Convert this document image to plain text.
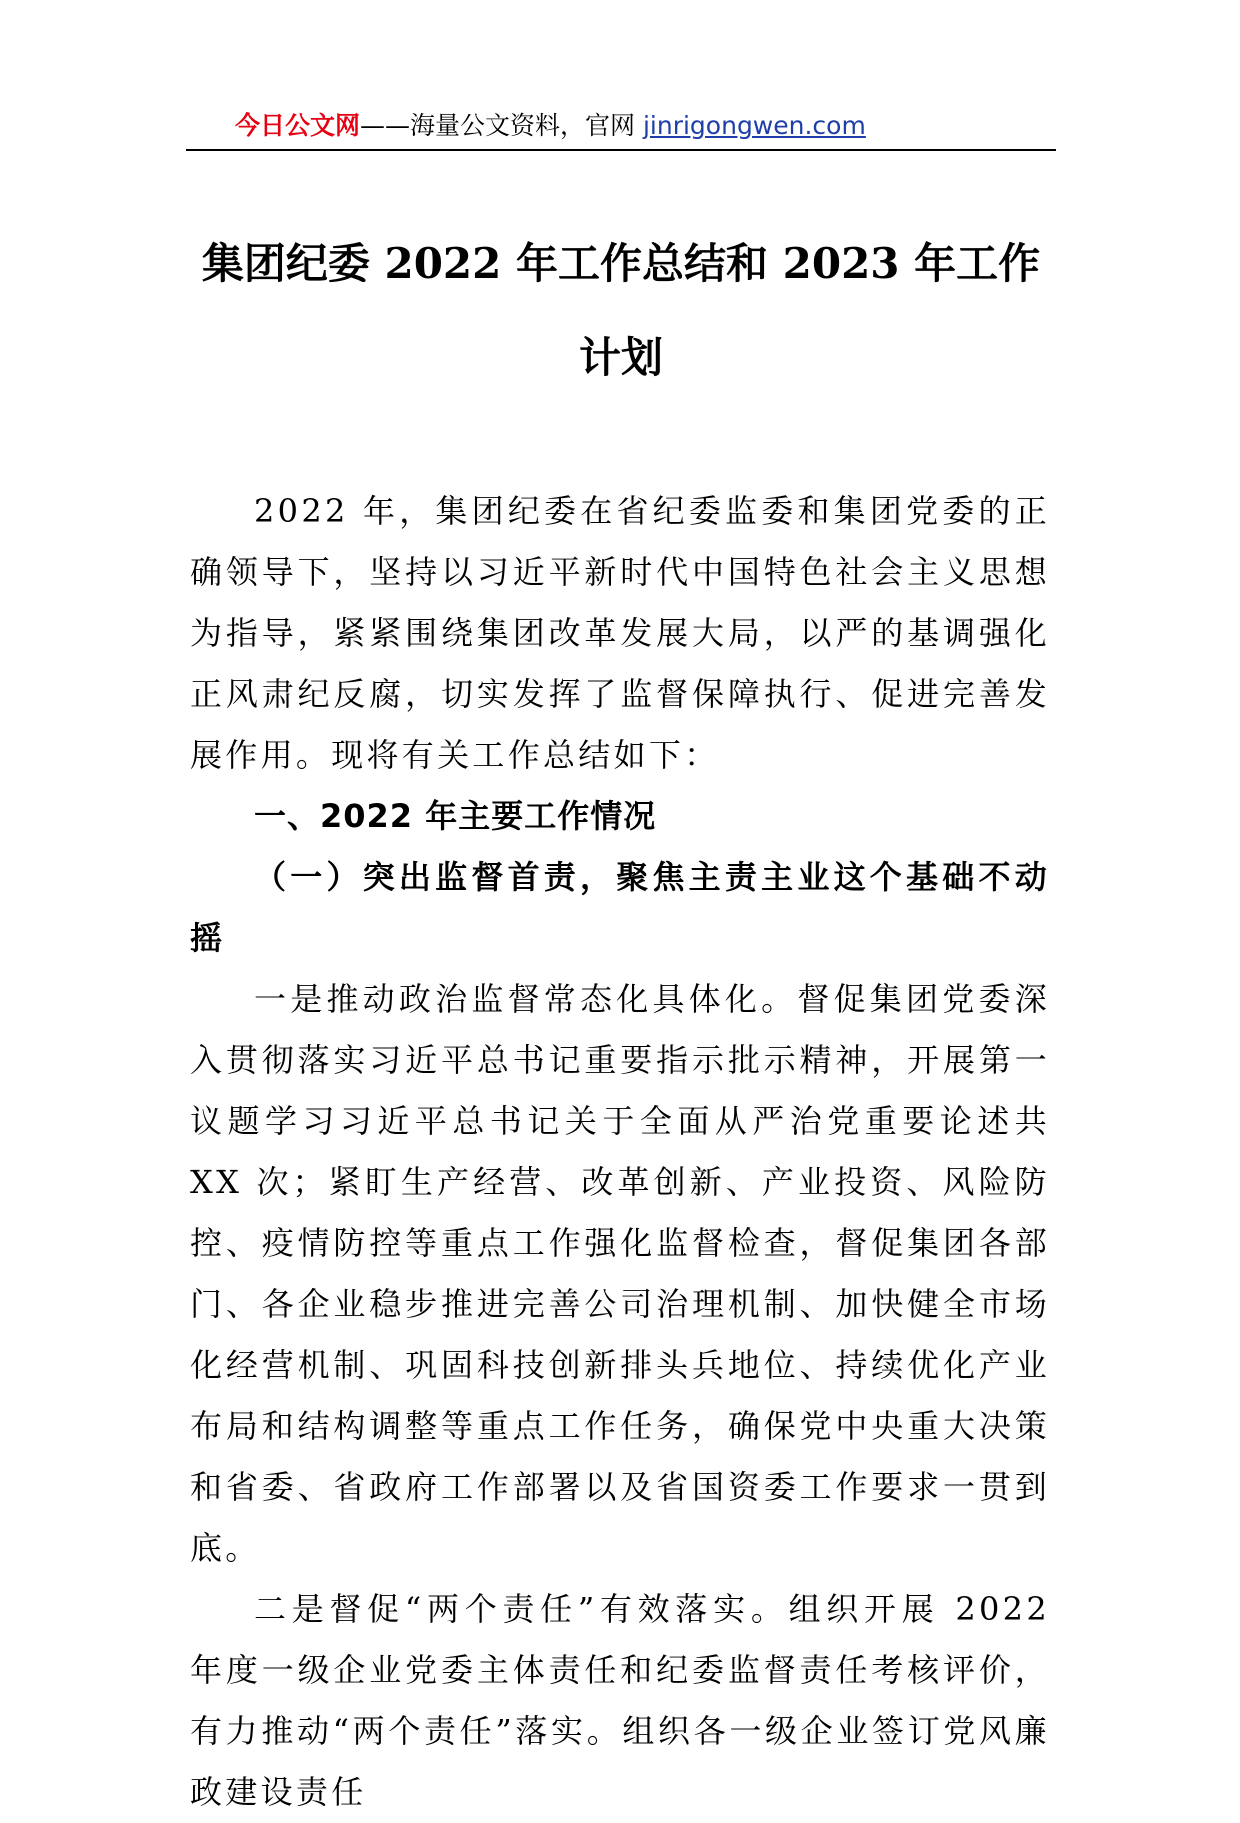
今日公文网——海量公文资料，官网 jinrigongwen.com
集团纪委 2022 年工作总结和 2023 年工作
计划

2022 年，集团纪委在省纪委监委和集团党委的正确领导下，坚持以习近平新时代中国特色社会主义思想为指导，紧紧围绕集团改革发展大局，以严的基调强化正风肃纪反腐，切实发挥了监督保障执行、促进完善发展作用。现将有关工作总结如下：

一、2022 年主要工作情况

（一）突出监督首责，聚焦主责主业这个基础不动摇

一是推动政治监督常态化具体化。督促集团党委深入贯彻落实习近平总书记重要指示批示精神，开展第一议题学习习近平总书记关于全面从严治党重要论述共 XX 次；紧盯生产经营、改革创新、产业投资、风险防控、疫情防控等重点工作强化监督检查，督促集团各部门、各企业稳步推进完善公司治理机制、加快健全市场化经营机制、巩固科技创新排头兵地位、持续优化产业布局和结构调整等重点工作任务，确保党中央重大决策和省委、省政府工作部署以及省国资委工作要求一贯到底。

二是督促“两个责任”有效落实。组织开展 2022 年度一级企业党委主体责任和纪委监督责任考核评价，有力推动“两个责任”落实。组织各一级企业签订党风廉政建设责任
